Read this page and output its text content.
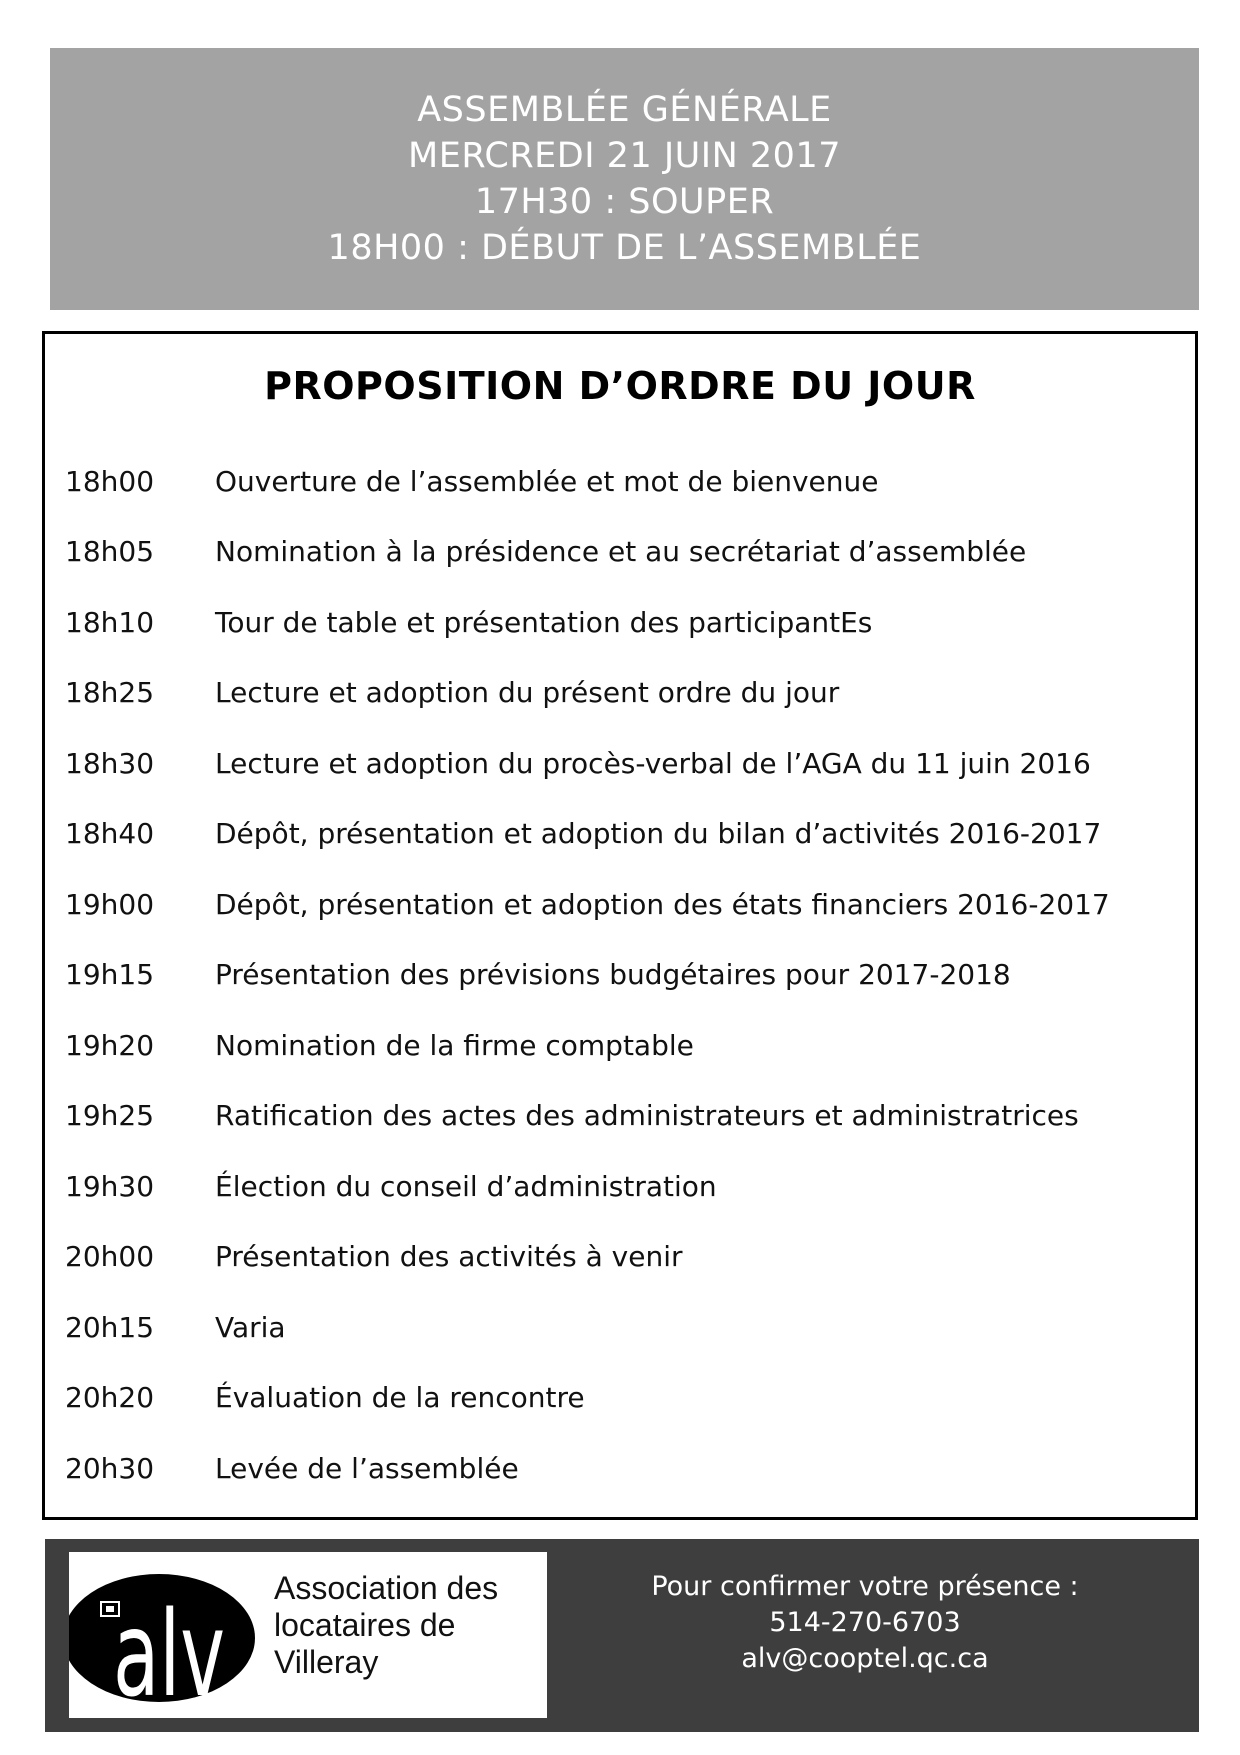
ASSEMBLÉE GÉNÉRALE
MERCREDI 21 JUIN 2017
17H30 : SOUPER
18H00 : DÉBUT DE L’ASSEMBLÉE
PROPOSITION D’ORDRE DU JOUR
18h00	Ouverture de l’assemblée et mot de bienvenue
18h05	Nomination à la présidence et au secrétariat d’assemblée
18h10	Tour de table et présentation des participantEs
18h25	Lecture et adoption du présent ordre du jour
18h30	Lecture et adoption du procès-verbal de l’AGA du 11 juin 2016
18h40	Dépôt, présentation et adoption du bilan d’activités 2016-2017
19h00	Dépôt, présentation et adoption des états financiers 2016-2017
19h15	Présentation des prévisions budgétaires pour 2017-2018
19h20	Nomination de la firme comptable
19h25	Ratification des actes des administrateurs et administratrices
19h30	Élection du conseil d’administration
20h00	Présentation des activités à venir
20h15	Varia
20h20	Évaluation de la rencontre
20h30	Levée de l’assemblée
alv Association des
locataires de
Villeray
Pour confirmer votre présence :
514-270-6703
alv@cooptel.qc.ca
